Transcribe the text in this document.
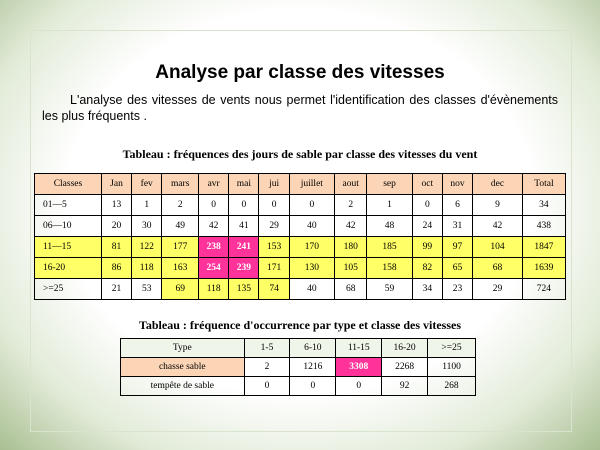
Analyse par classe des vitesses
L'analyse des vitesses de vents nous permet l'identification des classes d'évènements les plus fréquents .
Tableau : fréquences des jours de sable par classe des vitesses du vent
Classes	Jan	fev	mars	avr	mai	jui	juillet	aout	sep	oct	nov	dec	Total
01—5	13	1	2	0	0	0	0	2	1	0	6	9	34
06—10	20	30	49	42	41	29	40	42	48	24	31	42	438
11—15	81	122	177	238	241	153	170	180	185	99	97	104	1847
16-20	86	118	163	254	239	171	130	105	158	82	65	68	1639
>=25	21	53	69	118	135	74	40	68	59	34	23	29	724
Tableau : fréquence d'occurrence par type et classe des vitesses
Type	1-5	6-10	11-15	16-20	>=25
chasse sable	2	1216	3308	2268	1100
tempête de sable	0	0	0	92	268
